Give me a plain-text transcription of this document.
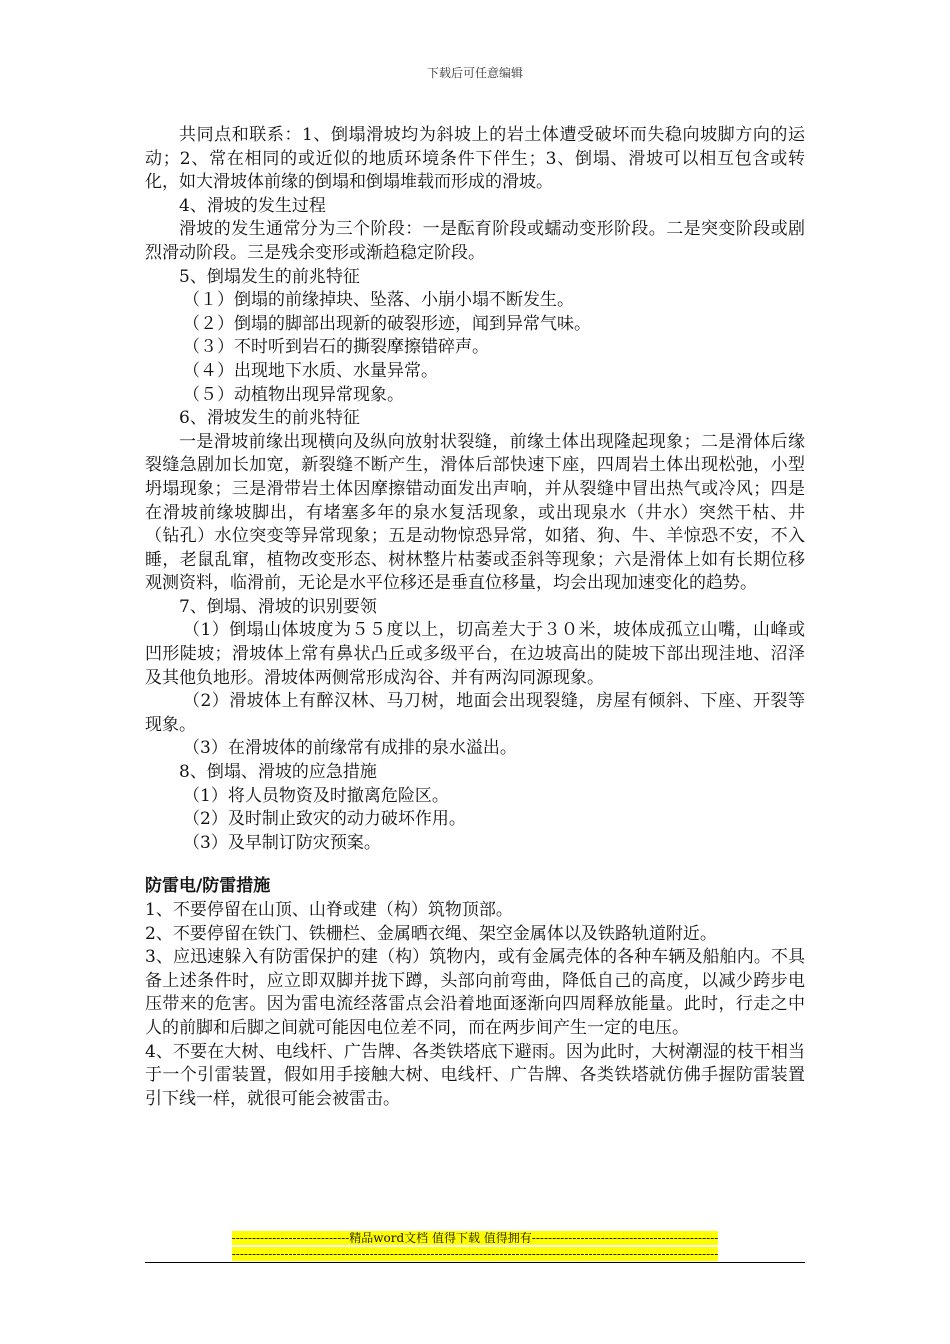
下载后可任意编辑

共同点和联系：1、倒塌滑坡均为斜坡上的岩土体遭受破坏而失稳向坡脚方向的运动；2、常在相同的或近似的地质环境条件下伴生；3、倒塌、滑坡可以相互包含或转化，如大滑坡体前缘的倒塌和倒塌堆载而形成的滑坡。

4、滑坡的发生过程

滑坡的发生通常分为三个阶段：一是酝育阶段或蠕动变形阶段。二是突变阶段或剧烈滑动阶段。三是残余变形或渐趋稳定阶段。

5、倒塌发生的前兆特征

（１）倒塌的前缘掉块、坠落、小崩小塌不断发生。

（２）倒塌的脚部出现新的破裂形迹，闻到异常气味。

（３）不时听到岩石的撕裂摩擦错碎声。

（４）出现地下水质、水量异常。

（５）动植物出现异常现象。

6、滑坡发生的前兆特征

一是滑坡前缘出现横向及纵向放射状裂缝，前缘土体出现隆起现象；二是滑体后缘裂缝急剧加长加宽，新裂缝不断产生，滑体后部快速下座，四周岩土体出现松弛，小型坍塌现象；三是滑带岩土体因摩擦错动面发出声响，并从裂缝中冒出热气或冷风；四是在滑坡前缘坡脚出，有堵塞多年的泉水复活现象，或出现泉水（井水）突然干枯、井（钻孔）水位突变等异常现象；五是动物惊恐异常，如猪、狗、牛、羊惊恐不安，不入睡，老鼠乱窜，植物改变形态、树林整片枯萎或歪斜等现象；六是滑体上如有长期位移观测资料，临滑前，无论是水平位移还是垂直位移量，均会出现加速变化的趋势。

7、倒塌、滑坡的识别要领

（1）倒塌山体坡度为５５度以上，切高差大于３０米，坡体成孤立山嘴，山峰或凹形陡坡；滑坡体上常有鼻状凸丘或多级平台，在边坡高出的陡坡下部出现洼地、沼泽及其他负地形。滑坡体两侧常形成沟谷、并有两沟同源现象。

（2）滑坡体上有醉汉林、马刀树，地面会出现裂缝，房屋有倾斜、下座、开裂等现象。

（3）在滑坡体的前缘常有成排的泉水溢出。

8、倒塌、滑坡的应急措施

（1）将人员物资及时撤离危险区。

（2）及时制止致灾的动力破坏作用。

（3）及早制订防灾预案。

防雷电/防雷措施

1、不要停留在山顶、山脊或建（构）筑物顶部。

2、不要停留在铁门、铁栅栏、金属晒衣绳、架空金属体以及铁路轨道附近。

3、应迅速躲入有防雷保护的建（构）筑物内，或有金属壳体的各种车辆及船舶内。不具备上述条件时，应立即双脚并拢下蹲，头部向前弯曲，降低自己的高度，以减少跨步电压带来的危害。因为雷电流经落雷点会沿着地面逐渐向四周释放能量。此时，行走之中人的前脚和后脚之间就可能因电位差不同，而在两步间产生一定的电压。

4、不要在大树、电线杆、广告牌、各类铁塔底下避雨。因为此时，大树潮湿的枝干相当于一个引雷装置，假如用手接触大树、电线杆、广告牌、各类铁塔就仿佛手握防雷装置引下线一样，就很可能会被雷击。

-----------------------------精品word文档 值得下载 值得拥有----------------------------------------------
------------------------------------------------------------------------------------------------------------------------
